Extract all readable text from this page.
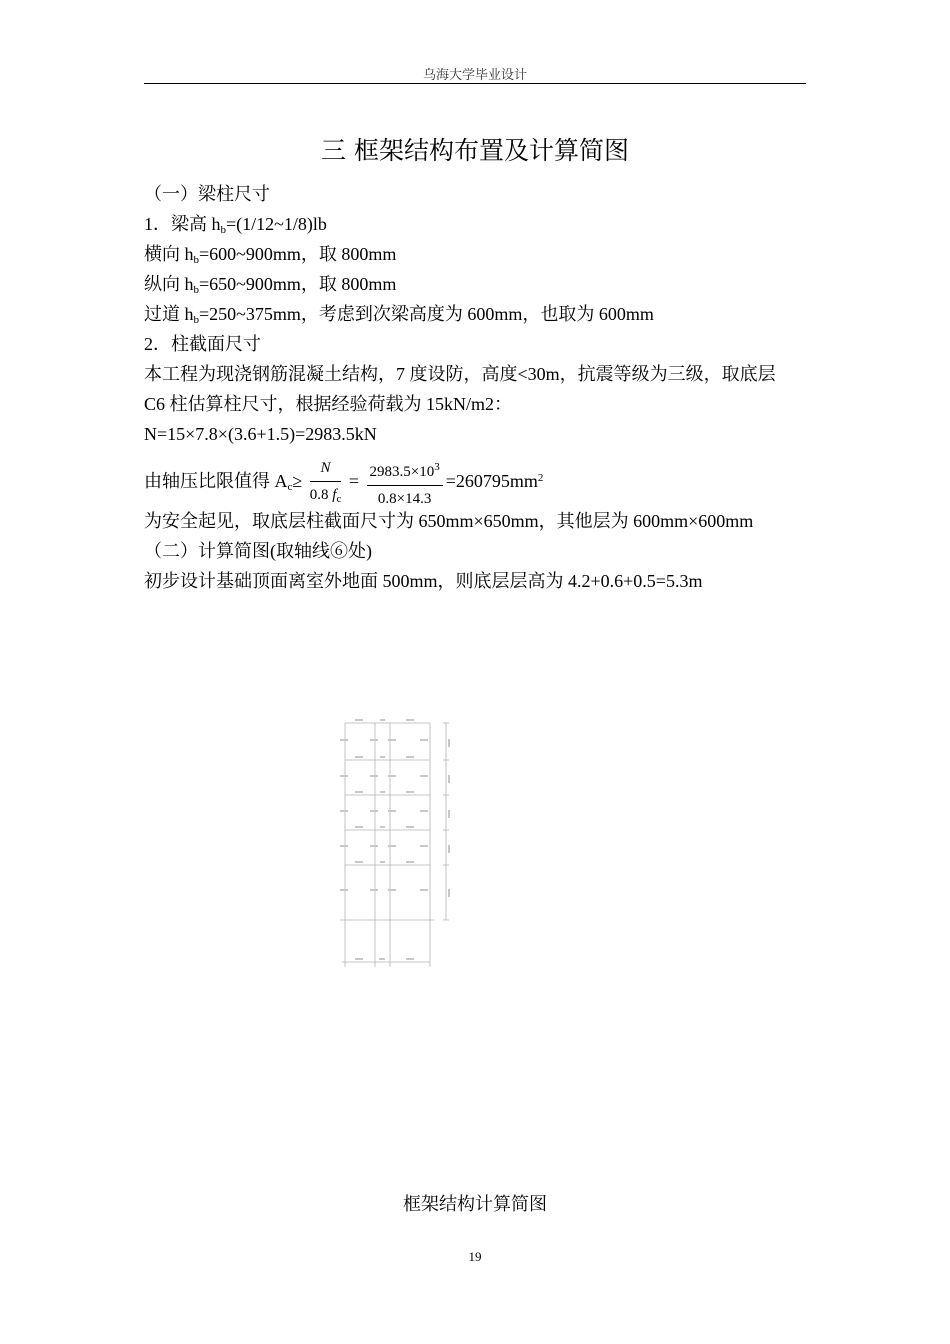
乌海大学毕业设计
三 框架结构布置及计算简图
（一）梁柱尺寸
1．梁高 $h_b=(1/12\sim 1/8)lb$
横向 $h_b=600\sim 900mm$，取 800mm
纵向 $h_b=650\sim 900mm$，取 800mm
过道 $h_b=250\sim 375mm$，考虑到次梁高度为 600mm，也取为 600mm
2．柱截面尺寸
本工程为现浇钢筋混凝土结构，7 度设防，高度<30m，抗震等级为三级，取底层
C6 柱估算柱尺寸，根据经验荷载为 15kN/m2：
N=15×7.8×(3.6+1.5)=2983.5kN
由轴压比限值得 $A_c\ge \frac{N}{0.8 f_c} = \frac{2983.5\times 10^3}{0.8\times 14.3} =260795mm^2$
为安全起见，取底层柱截面尺寸为 650mm×650mm，其他层为 600mm×600mm
（二）计算简图(取轴线⑥处)
初步设计基础顶面离室外地面 500mm，则底层层高为 4.2+0.6+0.5=5.3m
框架结构计算简图
19
